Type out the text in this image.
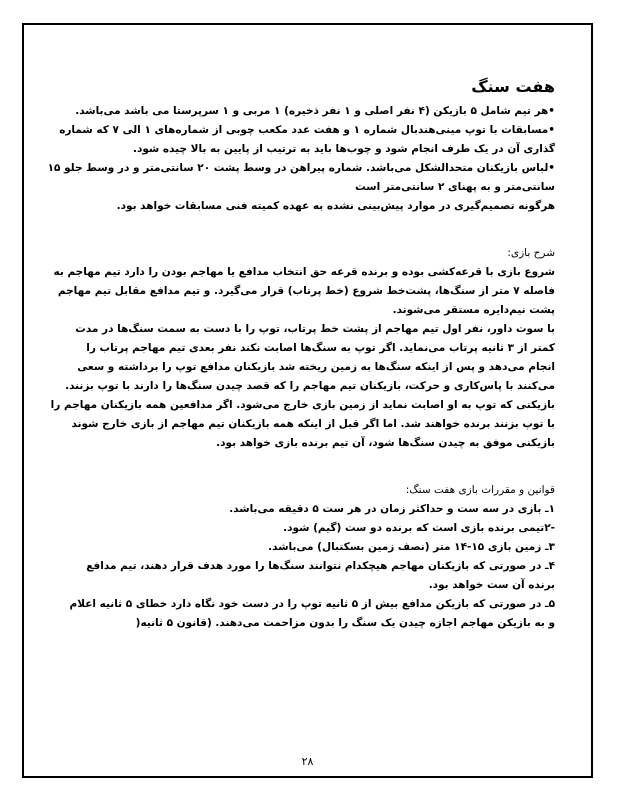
هفت سنگ
•هر تیم شامل ۵ بازیکن (۴ نفر اصلی و ۱ نفر ذخیره) ۱ مربی و ۱ سرپرستا می باشد می‌باشد.
•مسابقات با توپ مینی‌هندبال شماره ۱ و هفت عدد مکعب چوبی از شماره‌های ۱ الی ۷ که شماره
گذاری آن در یک طرف انجام شود و چوب‌ها باید به ترتیب از پایین به بالا چیده شود.
•لباس بازیکنان متحدالشکل می‌باشد. شماره پیراهن در وسط پشت ۲۰ سانتی‌متر و در وسط جلو ۱۵
سانتی‌متر و به پهنای ۲ سانتی‌متر است
هرگونه تصمیم‌گیری در موارد پیش‌بینی نشده به عهده کمیته فنی مسابقات خواهد بود.
شرح بازی:
شروع بازی با قرعه‌کشی بوده و برنده قرعه حق انتخاب مدافع یا مهاجم بودن را دارد تیم مهاجم به
فاصله ۷ متر از سنگ‌ها، پشت‌خط شروع (خط پرتاب) قرار می‌گیرد. و تیم مدافع مقابل تیم مهاجم
پشت نیم‌دایره مستقر می‌شوند.
با سوت داور، نفر اول تیم مهاجم از پشت خط پرتاب، توپ را با دست به سمت سنگ‌ها در مدت
کمتر از ۳ ثانیه پرتاب می‌نماید. اگر توپ به سنگ‌ها اصابت نکند نفر بعدی تیم مهاجم پرتاب را
انجام می‌دهد و پس از اینکه سنگ‌ها به زمین ریخته شد بازیکنان مدافع توپ را برداشته و سعی
می‌کنند با پاس‌کاری و حرکت، بازیکنان تیم مهاجم را که قصد چیدن سنگ‌ها را دارند با توپ بزنند.
بازیکنی که توپ به او اصابت نماید از زمین بازی خارج می‌شود. اگر مدافعین همه بازیکنان مهاجم را
با توپ بزنند برنده خواهند شد. اما اگر قبل از اینکه همه بازیکنان تیم مهاجم از بازی خارج شوند
بازیکنی موفق به چیدن سنگ‌ها شود، آن تیم برنده بازی خواهد بود.
قوانین و مقررات بازی هفت سنگ:
۱ـ بازی در سه ست و حداکثر زمان در هر ست ۵ دقیقه می‌باشد.
-۲تیمی برنده بازی است که برنده دو ست (گیم) شود.
۳ـ زمین بازی ۱۵-۱۴ متر (نصف زمین بسکتبال) می‌باشد.
۴ـ در صورتی که بازیکنان مهاجم هیچکدام نتوانند سنگ‌ها را مورد هدف قرار دهند، تیم مدافع
برنده آن ست خواهد بود.
۵ـ در صورتی که بازیکن مدافع بیش از ۵ ثانیه توپ را در دست خود نگاه دارد خطای ۵ ثانیه اعلام
و به بازیکن مهاجم اجازه چیدن یک سنگ را بدون مزاحمت می‌دهند. (قانون ۵ ثانیه(
۲۸
